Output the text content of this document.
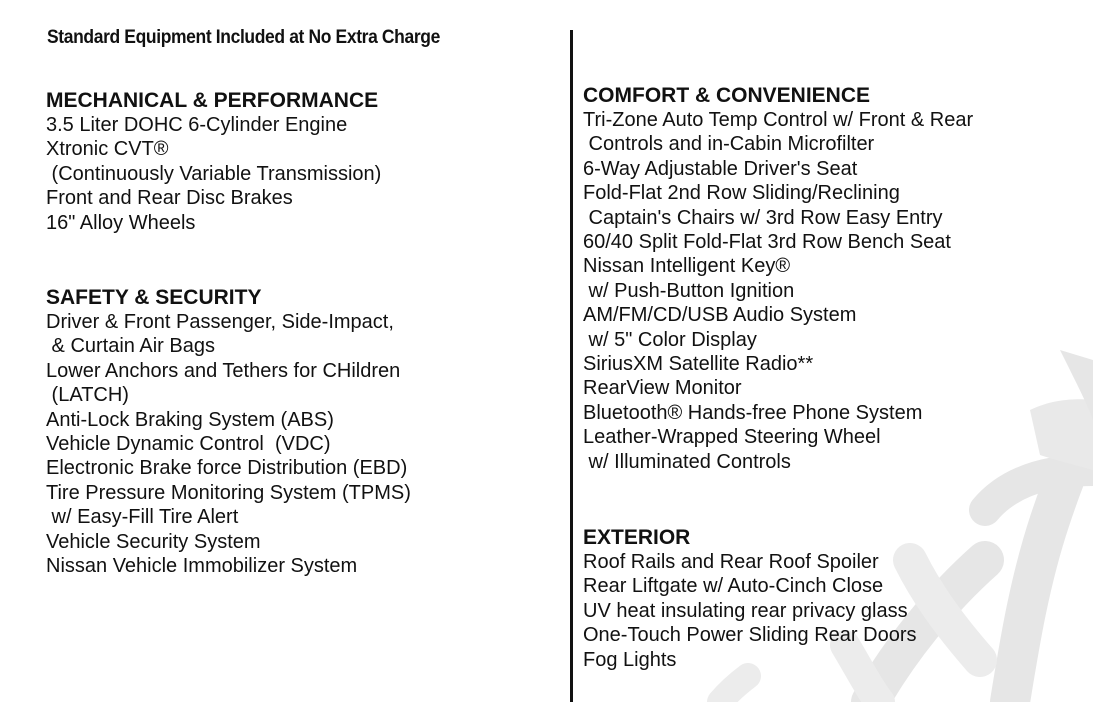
Standard Equipment Included at No Extra Charge
MECHANICAL & PERFORMANCE
3.5 Liter DOHC 6-Cylinder Engine
Xtronic CVT®
(Continuously Variable Transmission)
Front and Rear Disc Brakes
16" Alloy Wheels
SAFETY & SECURITY
Driver & Front Passenger, Side-Impact,
& Curtain Air Bags
Lower Anchors and Tethers for CHildren
(LATCH)
Anti-Lock Braking System (ABS)
Vehicle Dynamic Control  (VDC)
Electronic Brake force Distribution (EBD)
Tire Pressure Monitoring System (TPMS)
w/ Easy-Fill Tire Alert
Vehicle Security System
Nissan Vehicle Immobilizer System
COMFORT & CONVENIENCE
Tri-Zone Auto Temp Control w/ Front & Rear
Controls and in-Cabin Microfilter
6-Way Adjustable Driver's Seat
Fold-Flat 2nd Row Sliding/Reclining
Captain's Chairs w/ 3rd Row Easy Entry
60/40 Split Fold-Flat 3rd Row Bench Seat
Nissan Intelligent Key®
w/ Push-Button Ignition
AM/FM/CD/USB Audio System
w/ 5" Color Display
SiriusXM Satellite Radio**
RearView Monitor
Bluetooth® Hands-free Phone System
Leather-Wrapped Steering Wheel
w/ Illuminated Controls
EXTERIOR
Roof Rails and Rear Roof Spoiler
Rear Liftgate w/ Auto-Cinch Close
UV heat insulating rear privacy glass
One-Touch Power Sliding Rear Doors
Fog Lights
